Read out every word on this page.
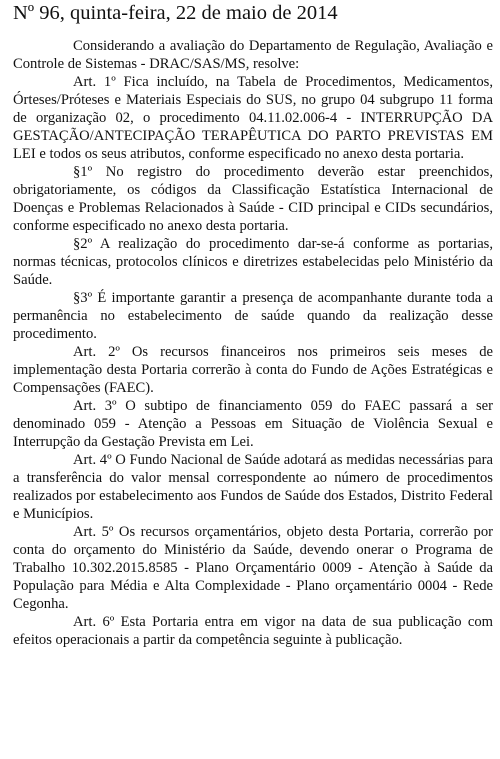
Nº 96, quinta-feira, 22 de maio de 2014

Considerando a avaliação do Departamento de Regulação, Avaliação e Controle de Sistemas - DRAC/SAS/MS, resolve:

Art. 1º Fica incluído, na Tabela de Procedimentos, Medicamentos, Órteses/Próteses e Materiais Especiais do SUS, no grupo 04 subgrupo 11 forma de organização 02, o procedimento 04.11.02.006-4 - INTERRUPÇÃO DA GESTAÇÃO/ANTECIPAÇÃO TERAPÊUTICA DO PARTO PREVISTAS EM LEI e todos os seus atributos, conforme especificado no anexo desta portaria.

§1º No registro do procedimento deverão estar preenchidos, obrigatoriamente, os códigos da Classificação Estatística Internacional de Doenças e Problemas Relacionados à Saúde - CID principal e CIDs secundários, conforme especificado no anexo desta portaria.

§2º A realização do procedimento dar-se-á conforme as portarias, normas técnicas, protocolos clínicos e diretrizes estabelecidas pelo Ministério da Saúde.

§3º É importante garantir a presença de acompanhante durante toda a permanência no estabelecimento de saúde quando da realização desse procedimento.

Art. 2º Os recursos financeiros nos primeiros seis meses de implementação desta Portaria correrão à conta do Fundo de Ações Estratégicas e Compensações (FAEC).

Art. 3º O subtipo de financiamento 059 do FAEC passará a ser denominado 059 - Atenção a Pessoas em Situação de Violência Sexual e Interrupção da Gestação Prevista em Lei.

Art. 4º O Fundo Nacional de Saúde adotará as medidas necessárias para a transferência do valor mensal correspondente ao número de procedimentos realizados por estabelecimento aos Fundos de Saúde dos Estados, Distrito Federal e Municípios.

Art. 5º Os recursos orçamentários, objeto desta Portaria, correrão por conta do orçamento do Ministério da Saúde, devendo onerar o Programa de Trabalho 10.302.2015.8585 - Plano Orçamentário 0009 - Atenção à Saúde da População para Média e Alta Complexidade - Plano orçamentário 0004 - Rede Cegonha.

Art. 6º Esta Portaria entra em vigor na data de sua publicação com efeitos operacionais a partir da competência seguinte à publicação.
